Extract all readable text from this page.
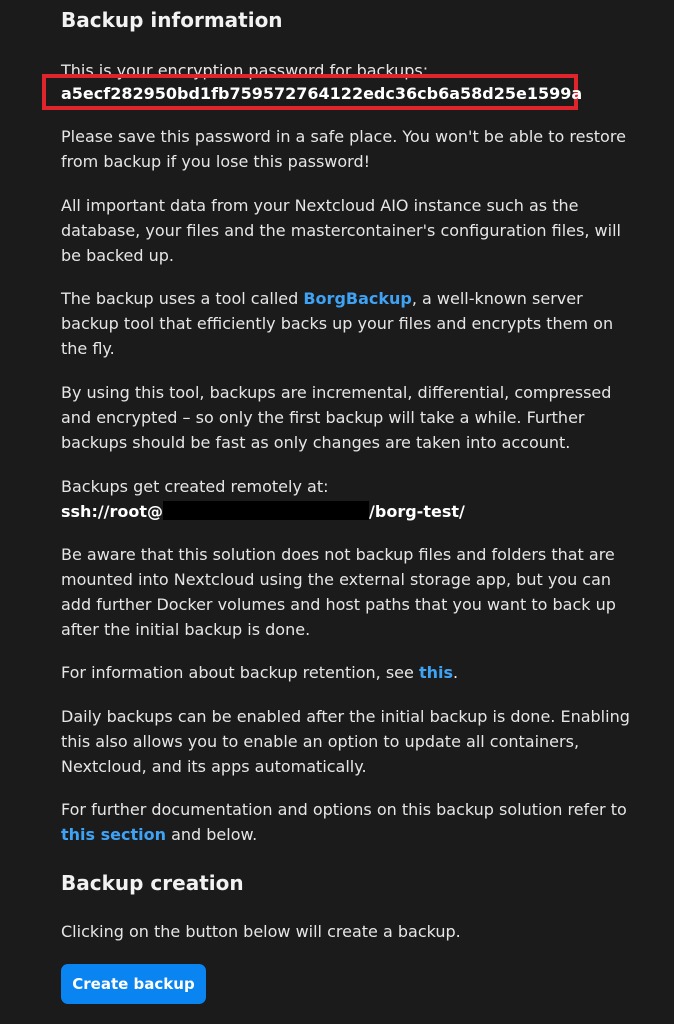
Backup information

This is your encryption password for backups:

a5ecf282950bd1fb759572764122edc36cb6a58d25e1599a

Please save this password in a safe place. You won't be able to restore from backup if you lose this password!

All important data from your Nextcloud AIO instance such as the database, your files and the mastercontainer's configuration files, will be backed up.

The backup uses a tool called BorgBackup, a well-known server backup tool that efficiently backs up your files and encrypts them on the fly.

By using this tool, backups are incremental, differential, compressed and encrypted – so only the first backup will take a while. Further backups should be fast as only changes are taken into account.

Backups get created remotely at:

ssh://root@	/borg-test/

Be aware that this solution does not backup files and folders that are mounted into Nextcloud using the external storage app, but you can add further Docker volumes and host paths that you want to back up after the initial backup is done.

For information about backup retention, see this.

Daily backups can be enabled after the initial backup is done. Enabling this also allows you to enable an option to update all containers, Nextcloud, and its apps automatically.

For further documentation and options on this backup solution refer to this section and below.

Backup creation

Clicking on the button below will create a backup.

Create backup
